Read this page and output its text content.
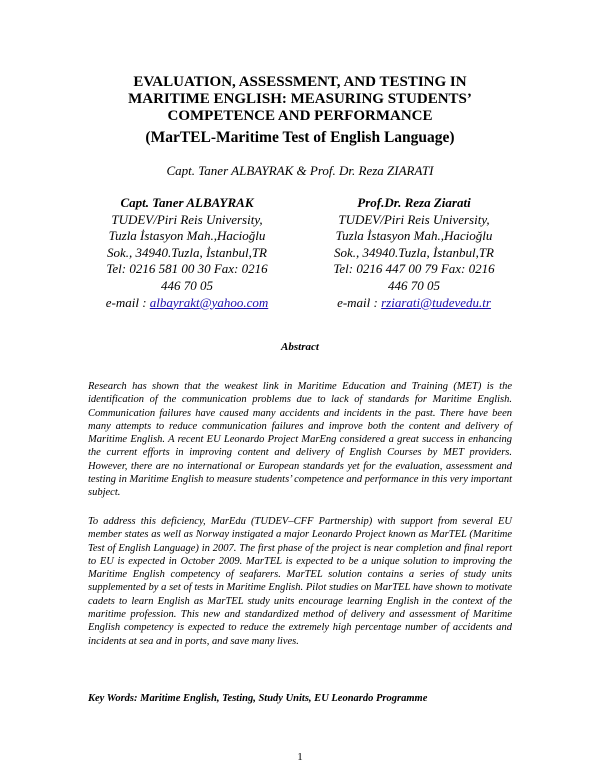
EVALUATION, ASSESSMENT, AND TESTING IN
MARITIME ENGLISH: MEASURING STUDENTS’
COMPETENCE AND PERFORMANCE
(MarTEL-Maritime Test of English Language)
Capt. Taner ALBAYRAK & Prof. Dr. Reza ZIARATI
Capt. Taner ALBAYRAK
TUDEV/Piri Reis University,
Tuzla İstasyon Mah.,Hacioğlu
Sok., 34940.Tuzla, İstanbul,TR
Tel: 0216 581 00 30 Fax: 0216
446 70 05
e-mail : albayrakt@yahoo.com
Prof.Dr. Reza Ziarati
TUDEV/Piri Reis University,
Tuzla İstasyon Mah.,Hacioğlu
Sok., 34940.Tuzla, İstanbul,TR
Tel: 0216 447 00 79 Fax: 0216
446 70 05
e-mail : rziarati@tudevedu.tr
Abstract

Research has shown that the weakest link in Maritime Education and Training (MET) is the identification of the communication problems due to lack of standards for Maritime English. Communication failures have caused many accidents and incidents in the past. There have been many attempts to reduce communication failures and improve both the content and delivery of Maritime English. A recent EU Leonardo Project MarEng considered a great success in enhancing the current efforts in improving content and delivery of English Courses by MET providers. However, there are no international or European standards yet for the evaluation, assessment and testing in Maritime English to measure students’ competence and performance in this very important subject.

To address this deficiency, MarEdu (TUDEV–CFF Partnership) with support from several EU member states as well as Norway instigated a major Leonardo Project known as MarTEL (Maritime Test of English Language) in 2007. The first phase of the project is near completion and final report to EU is expected in October 2009. MarTEL is expected to be a unique solution to improving the Maritime English competency of seafarers. MarTEL solution contains a series of study units supplemented by a set of tests in Maritime English. Pilot studies on MarTEL have shown to motivate cadets to learn English as MarTEL study units encourage learning English in the context of the maritime profession. This new and standardized method of delivery and assessment of Maritime English competency is expected to reduce the extremely high percentage number of accidents and incidents at sea and in ports, and save many lives.

Key Words: Maritime English, Testing, Study Units, EU Leonardo Programme
1
